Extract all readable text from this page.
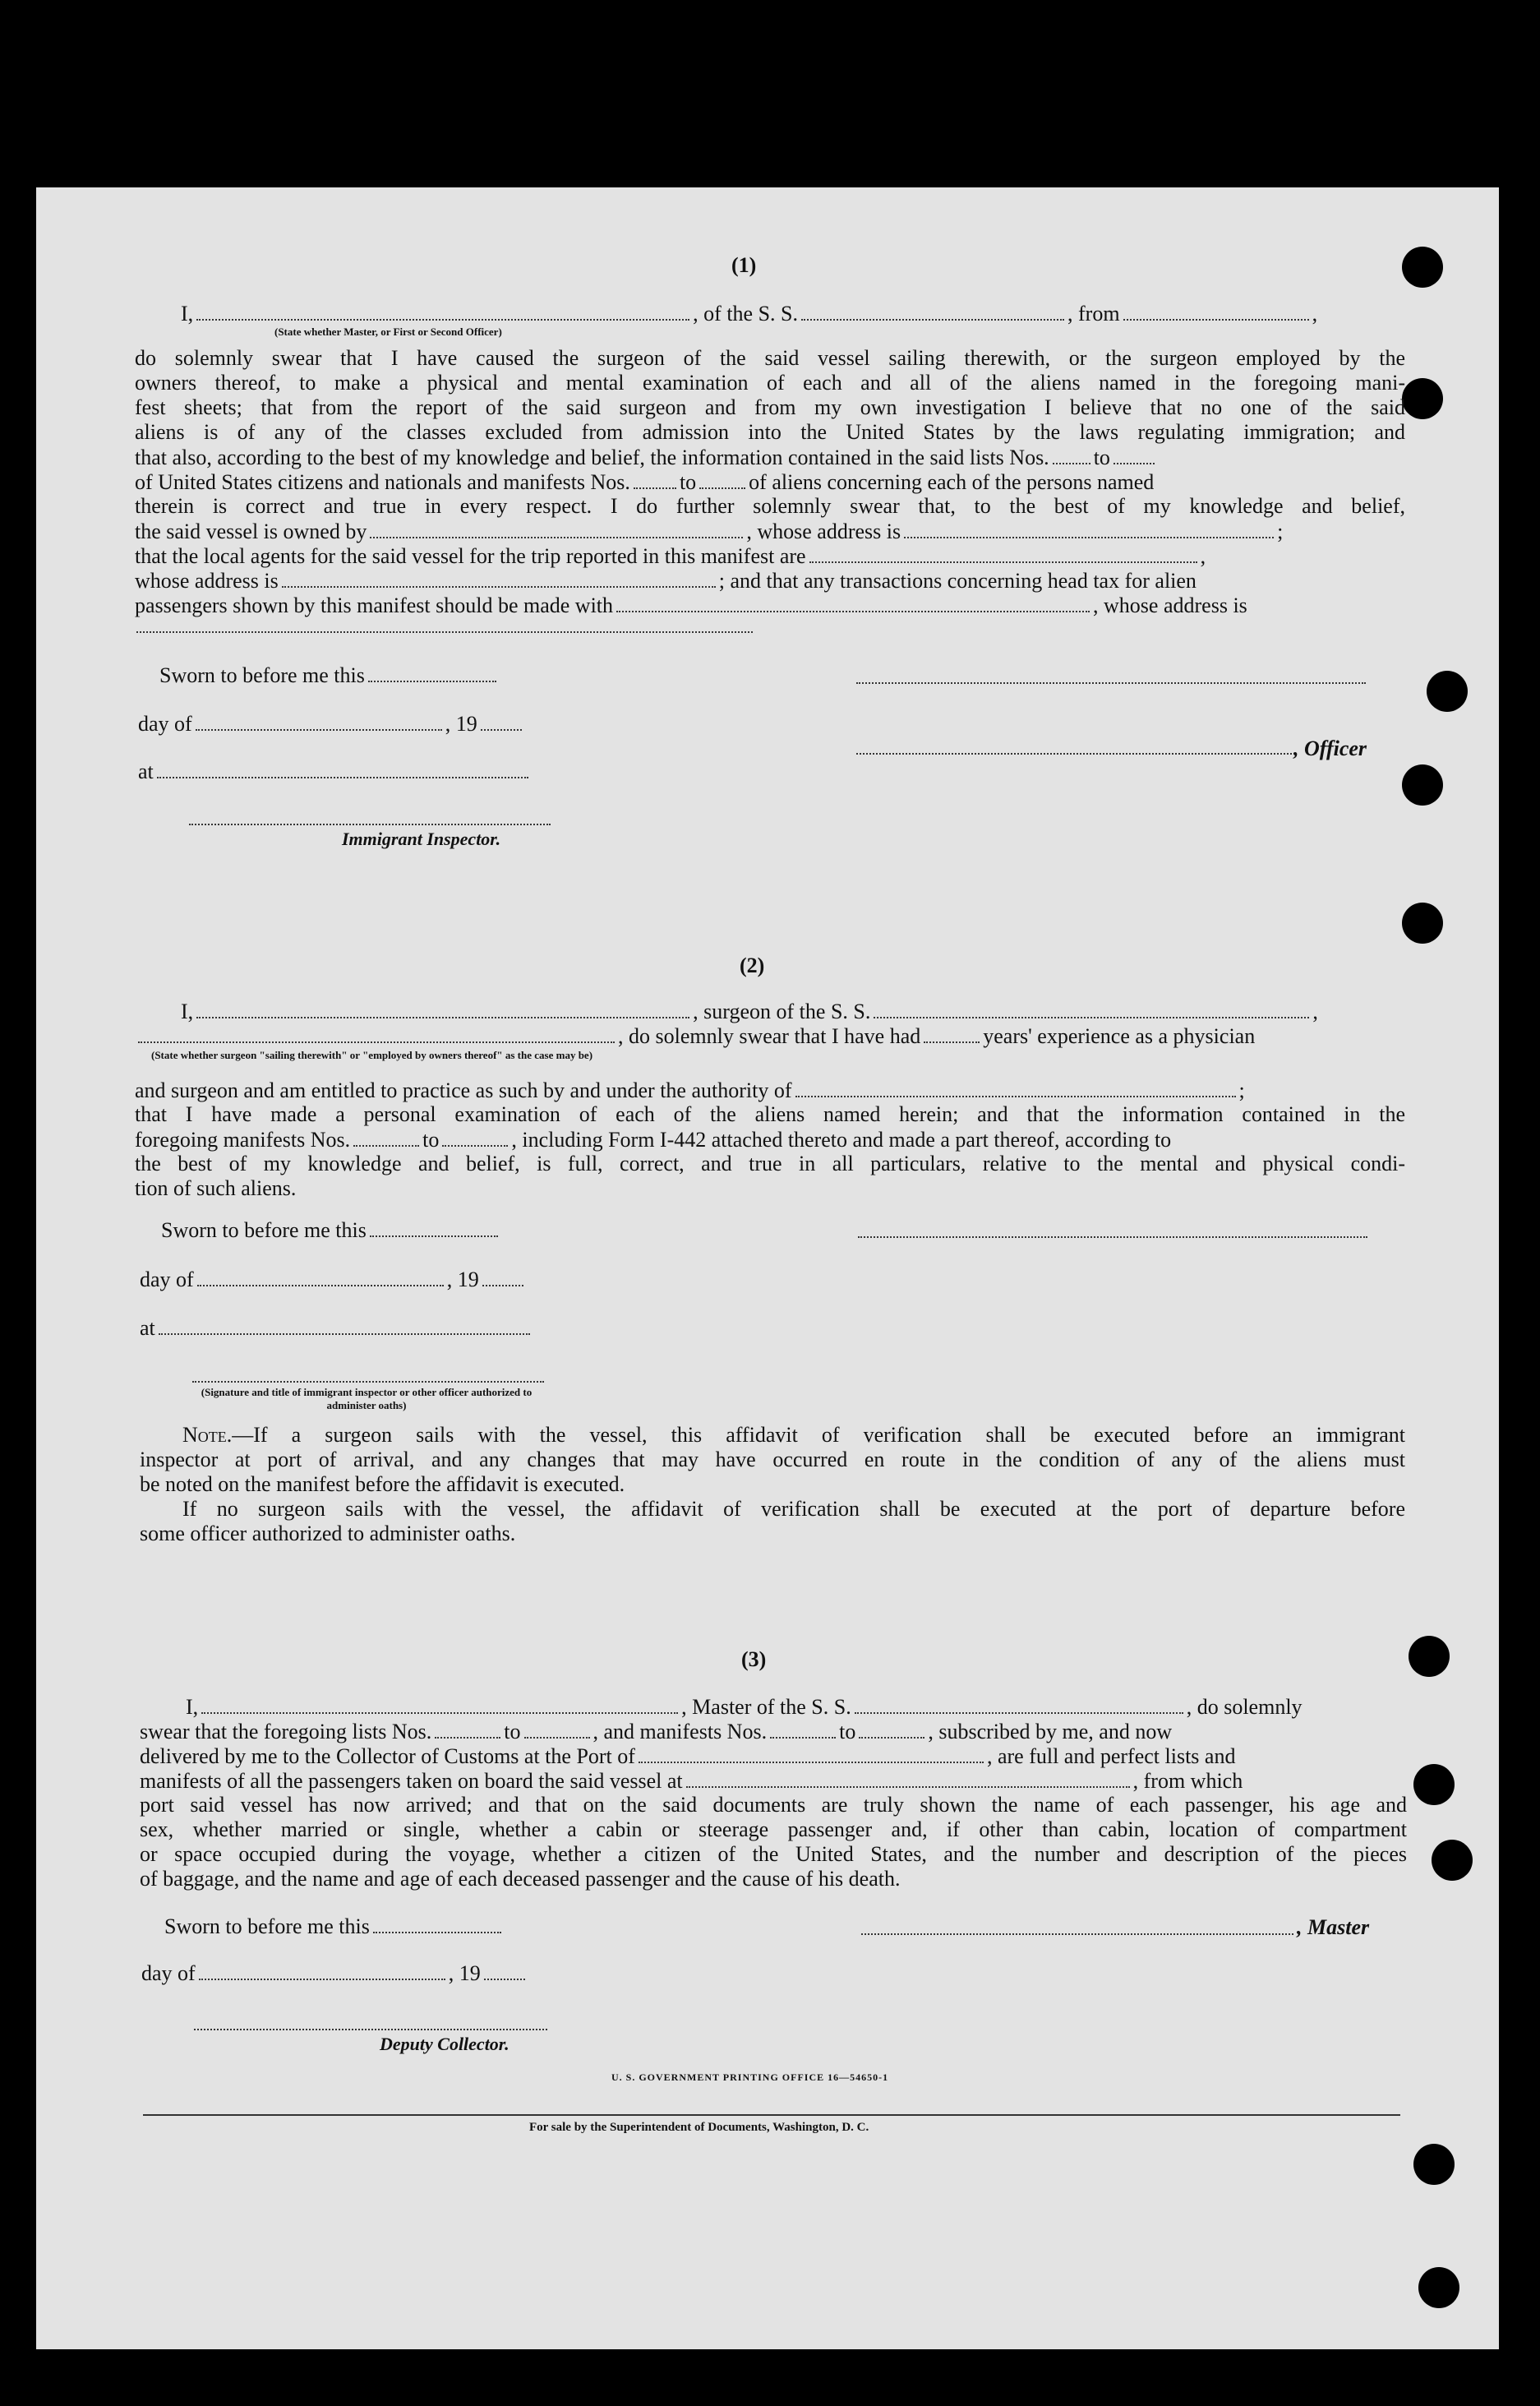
(1)
I,	, of the S. S.	, from	,
(State whether Master, or First or Second Officer)
do solemnly swear that I have caused the surgeon of the said vessel sailing therewith, or the surgeon employed by the
owners thereof, to make a physical and mental examination of each and all of the aliens named in the foregoing mani-
fest sheets; that from the report of the said surgeon and from my own investigation I believe that no one of the said
aliens is of any of the classes excluded from admission into the United States by the laws regulating immigration; and
that also, according to the best of my knowledge and belief, the information contained in the said lists Nos. to
of United States citizens and nationals and manifests Nos. to of aliens concerning each of the persons named
therein is correct and true in every respect. I do further solemnly swear that, to the best of my knowledge and belief,
the said vessel is owned by	, whose address is	;
that the local agents for the said vessel for the trip reported in this manifest are	,
whose address is	; and that any transactions concerning head tax for alien
passengers shown by this manifest should be made with	, whose address is
Sworn to before me this
day of	, 19
, Officer
at
Immigrant Inspector.
(2)
I,	, surgeon of the S. S.	,
, do solemnly swear that I have had	years' experience as a physician
(State whether surgeon "sailing therewith" or "employed by owners thereof" as the case may be)
and surgeon and am entitled to practice as such by and under the authority of	;
that I have made a personal examination of each of the aliens named herein; and that the information contained in the
foregoing manifests Nos.	to	, including Form I-442 attached thereto and made a part thereof, according to
the best of my knowledge and belief, is full, correct, and true in all particulars, relative to the mental and physical condi-
tion of such aliens.
Sworn to before me this
day of	, 19
at
(Signature and title of immigrant inspector or other officer authorized to administer oaths)
Note.—If a surgeon sails with the vessel, this affidavit of verification shall be executed before an immigrant
inspector at port of arrival, and any changes that may have occurred en route in the condition of any of the aliens must
be noted on the manifest before the affidavit is executed.
If no surgeon sails with the vessel, the affidavit of verification shall be executed at the port of departure before
some officer authorized to administer oaths.
(3)
I,	, Master of the S. S.	, do solemnly
swear that the foregoing lists Nos.	to	, and manifests Nos.	to	, subscribed by me, and now
delivered by me to the Collector of Customs at the Port of	, are full and perfect lists and
manifests of all the passengers taken on board the said vessel at	, from which
port said vessel has now arrived; and that on the said documents are truly shown the name of each passenger, his age and
sex, whether married or single, whether a cabin or steerage passenger and, if other than cabin, location of compartment
or space occupied during the voyage, whether a citizen of the United States, and the number and description of the pieces
of baggage, and the name and age of each deceased passenger and the cause of his death.
Sworn to before me this	, Master
day of	, 19
Deputy Collector.
U. S. GOVERNMENT PRINTING OFFICE 16—54650-1
For sale by the Superintendent of Documents, Washington, D. C.
